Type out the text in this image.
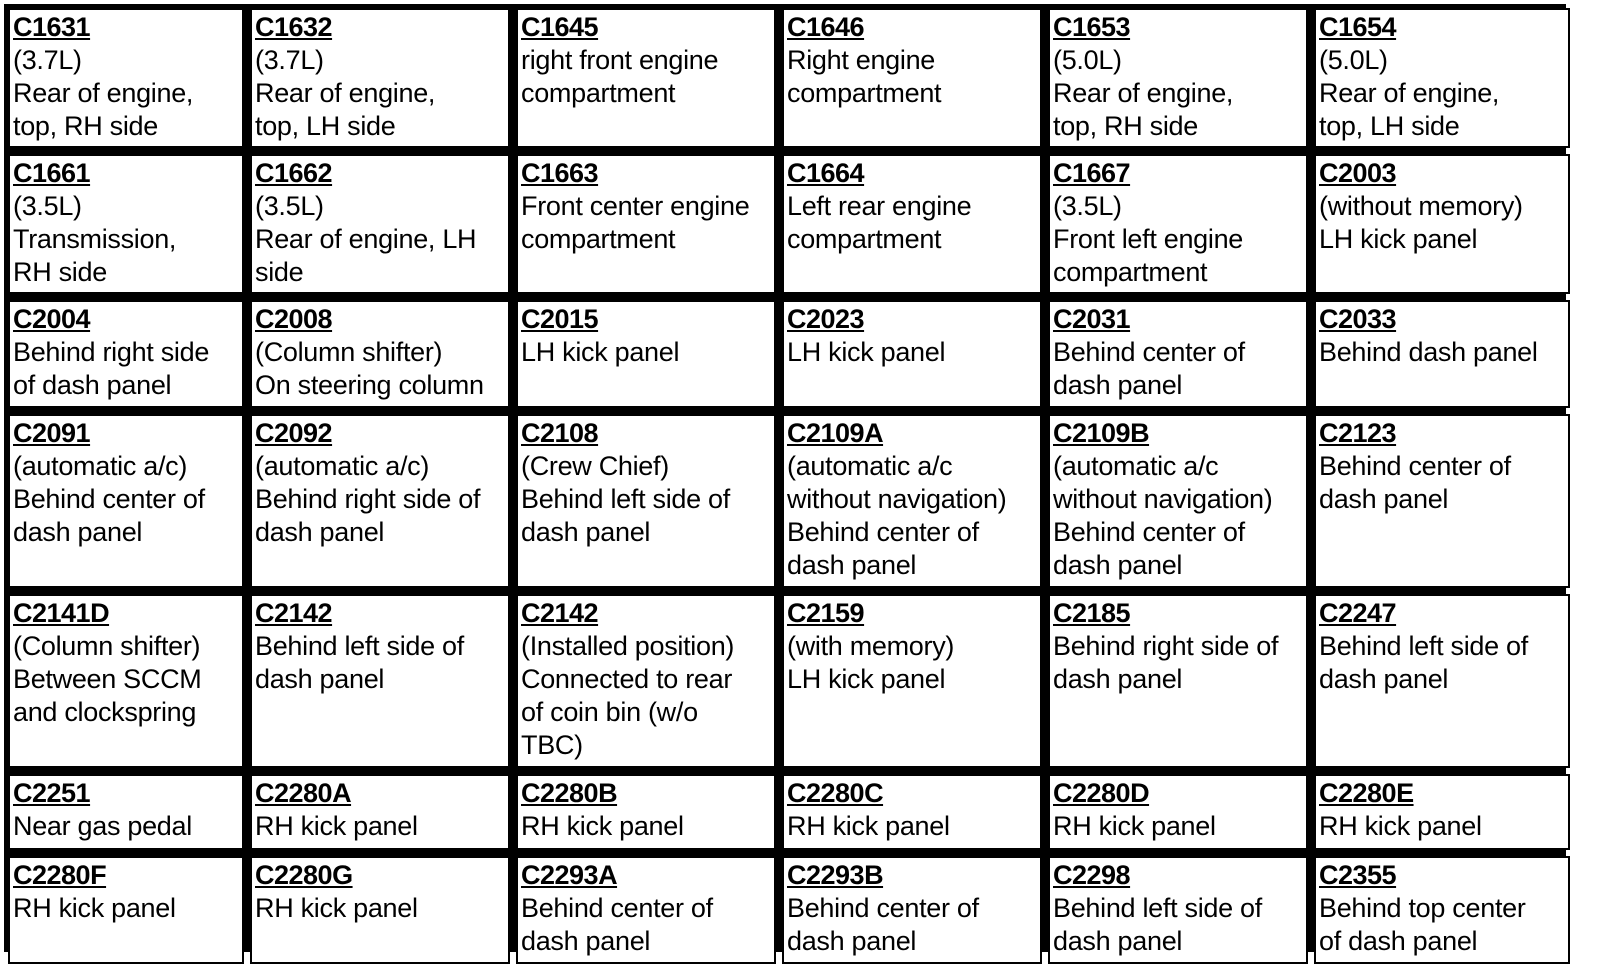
C1631
(3.7L)
Rear of engine,
top, RH side
C1632
(3.7L)
Rear of engine,
top, LH side
C1645
right front engine
compartment
C1646
Right engine
compartment
C1653
(5.0L)
Rear of engine,
top, RH side
C1654
(5.0L)
Rear of engine,
top, LH side
C1661
(3.5L)
Transmission,
RH side
C1662
(3.5L)
Rear of engine, LH
side
C1663
Front center engine
compartment
C1664
Left rear engine
compartment
C1667
(3.5L)
Front left engine
compartment
C2003
(without memory)
LH kick panel
C2004
Behind right side
of dash panel
C2008
(Column shifter)
On steering column
C2015
LH kick panel
C2023
LH kick panel
C2031
Behind center of
dash panel
C2033
Behind dash panel
C2091
(automatic a/c)
Behind center of
dash panel
C2092
(automatic a/c)
Behind right side of
dash panel
C2108
(Crew Chief)
Behind left side of
dash panel
C2109A
(automatic a/c
without navigation)
Behind center of
dash panel
C2109B
(automatic a/c
without navigation)
Behind center of
dash panel
C2123
Behind center of
dash panel
C2141D
(Column shifter)
Between SCCM
and clockspring
C2142
Behind left side of
dash panel
C2142
(Installed position)
Connected to rear
of coin bin (w/o
TBC)
C2159
(with memory)
LH kick panel
C2185
Behind right side of
dash panel
C2247
Behind left side of
dash panel
C2251
Near gas pedal
C2280A
RH kick panel
C2280B
RH kick panel
C2280C
RH kick panel
C2280D
RH kick panel
C2280E
RH kick panel
C2280F
RH kick panel
C2280G
RH kick panel
C2293A
Behind center of
dash panel
C2293B
Behind center of
dash panel
C2298
Behind left side of
dash panel
C2355
Behind top center
of dash panel
